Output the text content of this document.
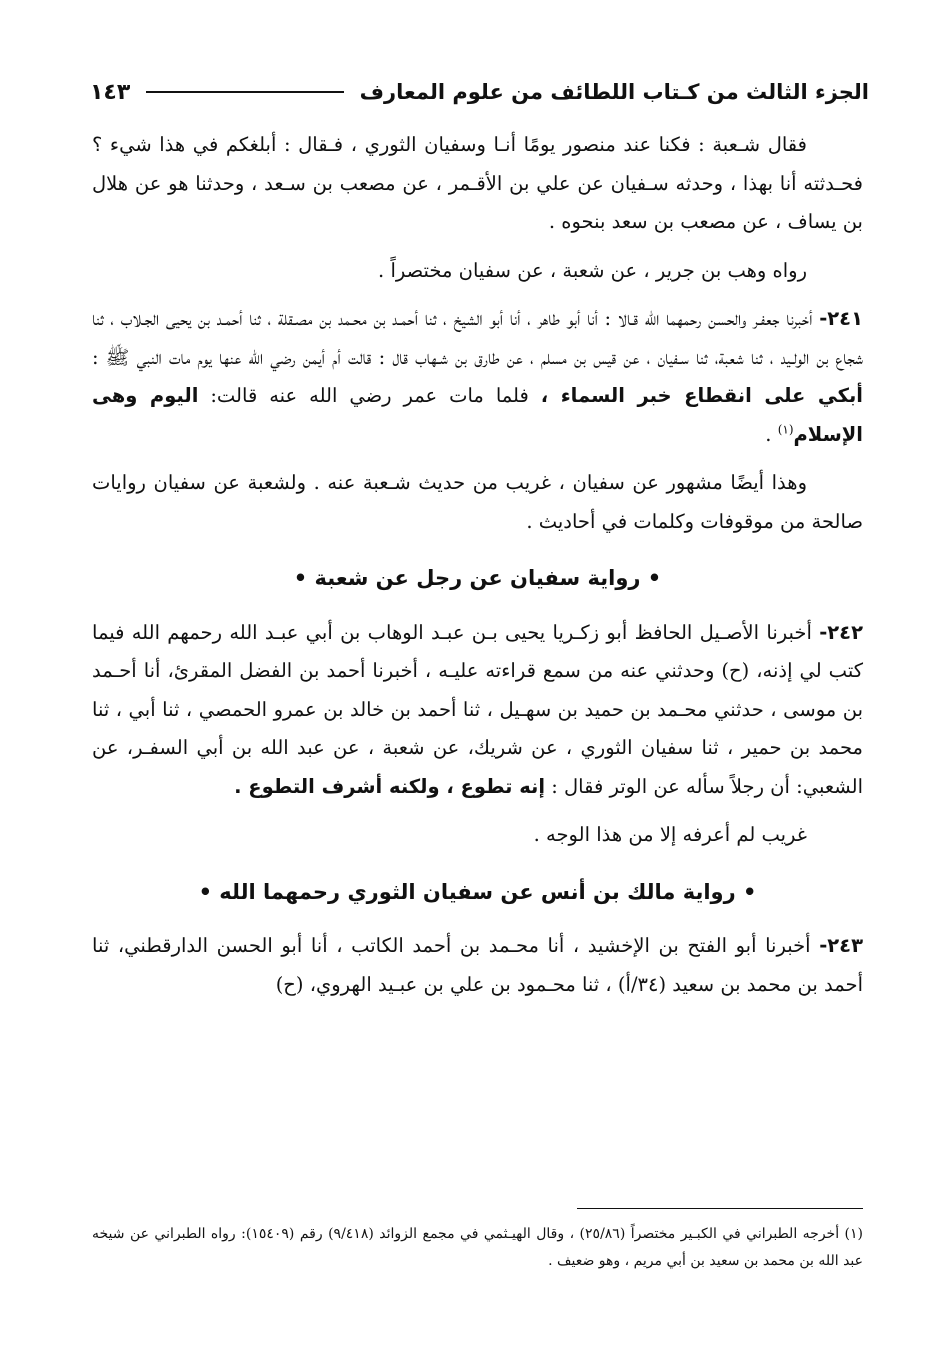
الجزء الثالث من كـتاب اللطائف من علوم المعارف
١٤٣

فقال شـعبة : فكنا عند منصور يومًا أنـا وسفيان الثوري ، فـقال : أبلغكم في هذا شيء ؟ فحـدثته أنا بهذا ، وحدثه سـفيان عن علي بن الأقـمر ، عن مصعب بن سـعد ، وحدثنا هو عن هلال بن يساف ، عن مصعب بن سعد بنحوه .

رواه وهب بن جرير ، عن شعبة ، عن سفيان مختصراً .

٢٤١- أخبرنا جعفـر والحسن رحمهما الله قـالا : أنا أبو طاهر ، أنا أبو الشيخ ، ثنا أحمـد بن محـمد بن مصـقلة ، ثنا أحمـد بن يحيى الجـلاب ، ثنا شجاع بن الولـيد ، ثنا شعبة، ثنا سـفيان ، عن قيس بن مسلم ، عن طارق بن شـهاب قال : قالت أم أيمن رضي الله عنها يوم مات النبي ﷺ : أبكي على انقطاع خبر السماء ، فلما مات عمر رضي الله عنه قالت: اليوم وهى الإسلام$^{(١)}$ .

وهذا أيضًا مشهور عن سفيان ، غريب من حديث شـعبة عنه . ولشعبة عن سفيان روايات صالحة من موقوفات وكلمات في أحاديث .

• رواية سفيان عن رجل عن شعبة •

٢٤٢- أخبرنا الأصـيل الحافظ أبو زكـريا يحيى بـن عبـد الوهاب بن أبي عبـد الله رحمهم الله فيما كتب لي إذنه، (ح) وحدثني عنه من سمع قراءته عليـه ، أخبرنا أحمد بن الفضل المقرئ، أنا أحـمد بن موسى ، حدثني محـمد بن حميد بن سهـيل ، ثنا أحمد بن خالد بن عمرو الحمصي ، ثنا أبي ، ثنا محمد بن حمير ، ثنا سفيان الثوري ، عن شريك، عن شعبة ، عن عبد الله بن أبي السفـر، عن الشعبي: أن رجلاً سأله عن الوتر فقال : إنه تطوع ، ولكنه أشرف التطوع .

غريب لم أعرفه إلا من هذا الوجه .

• رواية مالك بن أنس عن سفيان الثوري رحمهما الله •

٢٤٣- أخبرنا أبو الفتح بن الإخشيد ، أنا محـمد بن أحمد الكاتب ، أنا أبو الحسن الدارقطني، ثنا أحمد بن محمد بن سعيد (٣٤/أ) ، ثنا محـمود بن علي بن عبـيد الهروي، (ح)

(١) أخرجه الطبراني في الكبـير مختصراً (٢٥/٨٦) ، وقال الهيـثمي في مجمع الزوائد (٩/٤١٨) رقم (١٥٤٠٩): رواه الطبراني عن شيخه عبد الله بن محمد بن سعيد بن أبي مريم ، وهو ضعيف .
